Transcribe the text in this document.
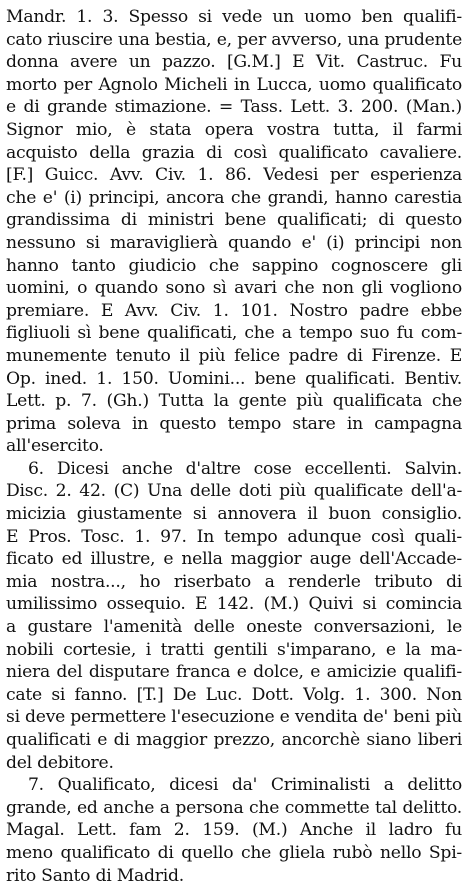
Mandr. 1. 3. Spesso si vede un uomo ben qualifi-
cato riuscire una bestia, e, per avverso, una prudente
donna avere un pazzo. [G.M.] E Vit. Castruc. Fu
morto per Agnolo Micheli in Lucca, uomo qualificato
e di grande stimazione. = Tass. Lett. 3. 200. (Man.)
Signor mio, è stata opera vostra tutta, il farmi
acquisto della grazia di così qualificato cavaliere.
[F.] Guicc. Avv. Civ. 1. 86. Vedesi per esperienza
che e' (i) principi, ancora che grandi, hanno carestia
grandissima di ministri bene qualificati; di questo
nessuno si maraviglierà quando e' (i) principi non
hanno tanto giudicio che sappino cognoscere gli
uomini, o quando sono sì avari che non gli vogliono
premiare. E Avv. Civ. 1. 101. Nostro padre ebbe
figliuoli sì bene qualificati, che a tempo suo fu com-
munemente tenuto il più felice padre di Firenze. E
Op. ined. 1. 150. Uomini... bene qualificati. Bentiv.
Lett. p. 7. (Gh.) Tutta la gente più qualificata che
prima soleva in questo tempo stare in campagna
all'esercito.
6. Dicesi anche d'altre cose eccellenti. Salvin.
Disc. 2. 42. (C) Una delle doti più qualificate dell'a-
micizia giustamente si annovera il buon consiglio.
E Pros. Tosc. 1. 97. In tempo adunque così quali-
ficato ed illustre, e nella maggior auge dell'Accade-
mia nostra..., ho riserbato a renderle tributo di
umilissimo ossequio. E 142. (M.) Quivi si comincia
a gustare l'amenità delle oneste conversazioni, le
nobili cortesie, i tratti gentili s'imparano, e la ma-
niera del disputare franca e dolce, e amicizie qualifi-
cate si fanno. [T.] De Luc. Dott. Volg. 1. 300. Non
si deve permettere l'esecuzione e vendita de' beni più
qualificati e di maggior prezzo, ancorchè siano liberi
del debitore.
7. Qualificato, dicesi da' Criminalisti a delitto
grande, ed anche a persona che commette tal delitto.
Magal. Lett. fam 2. 159. (M.) Anche il ladro fu
meno qualificato di quello che gliela rubò nello Spi-
rito Santo di Madrid.
